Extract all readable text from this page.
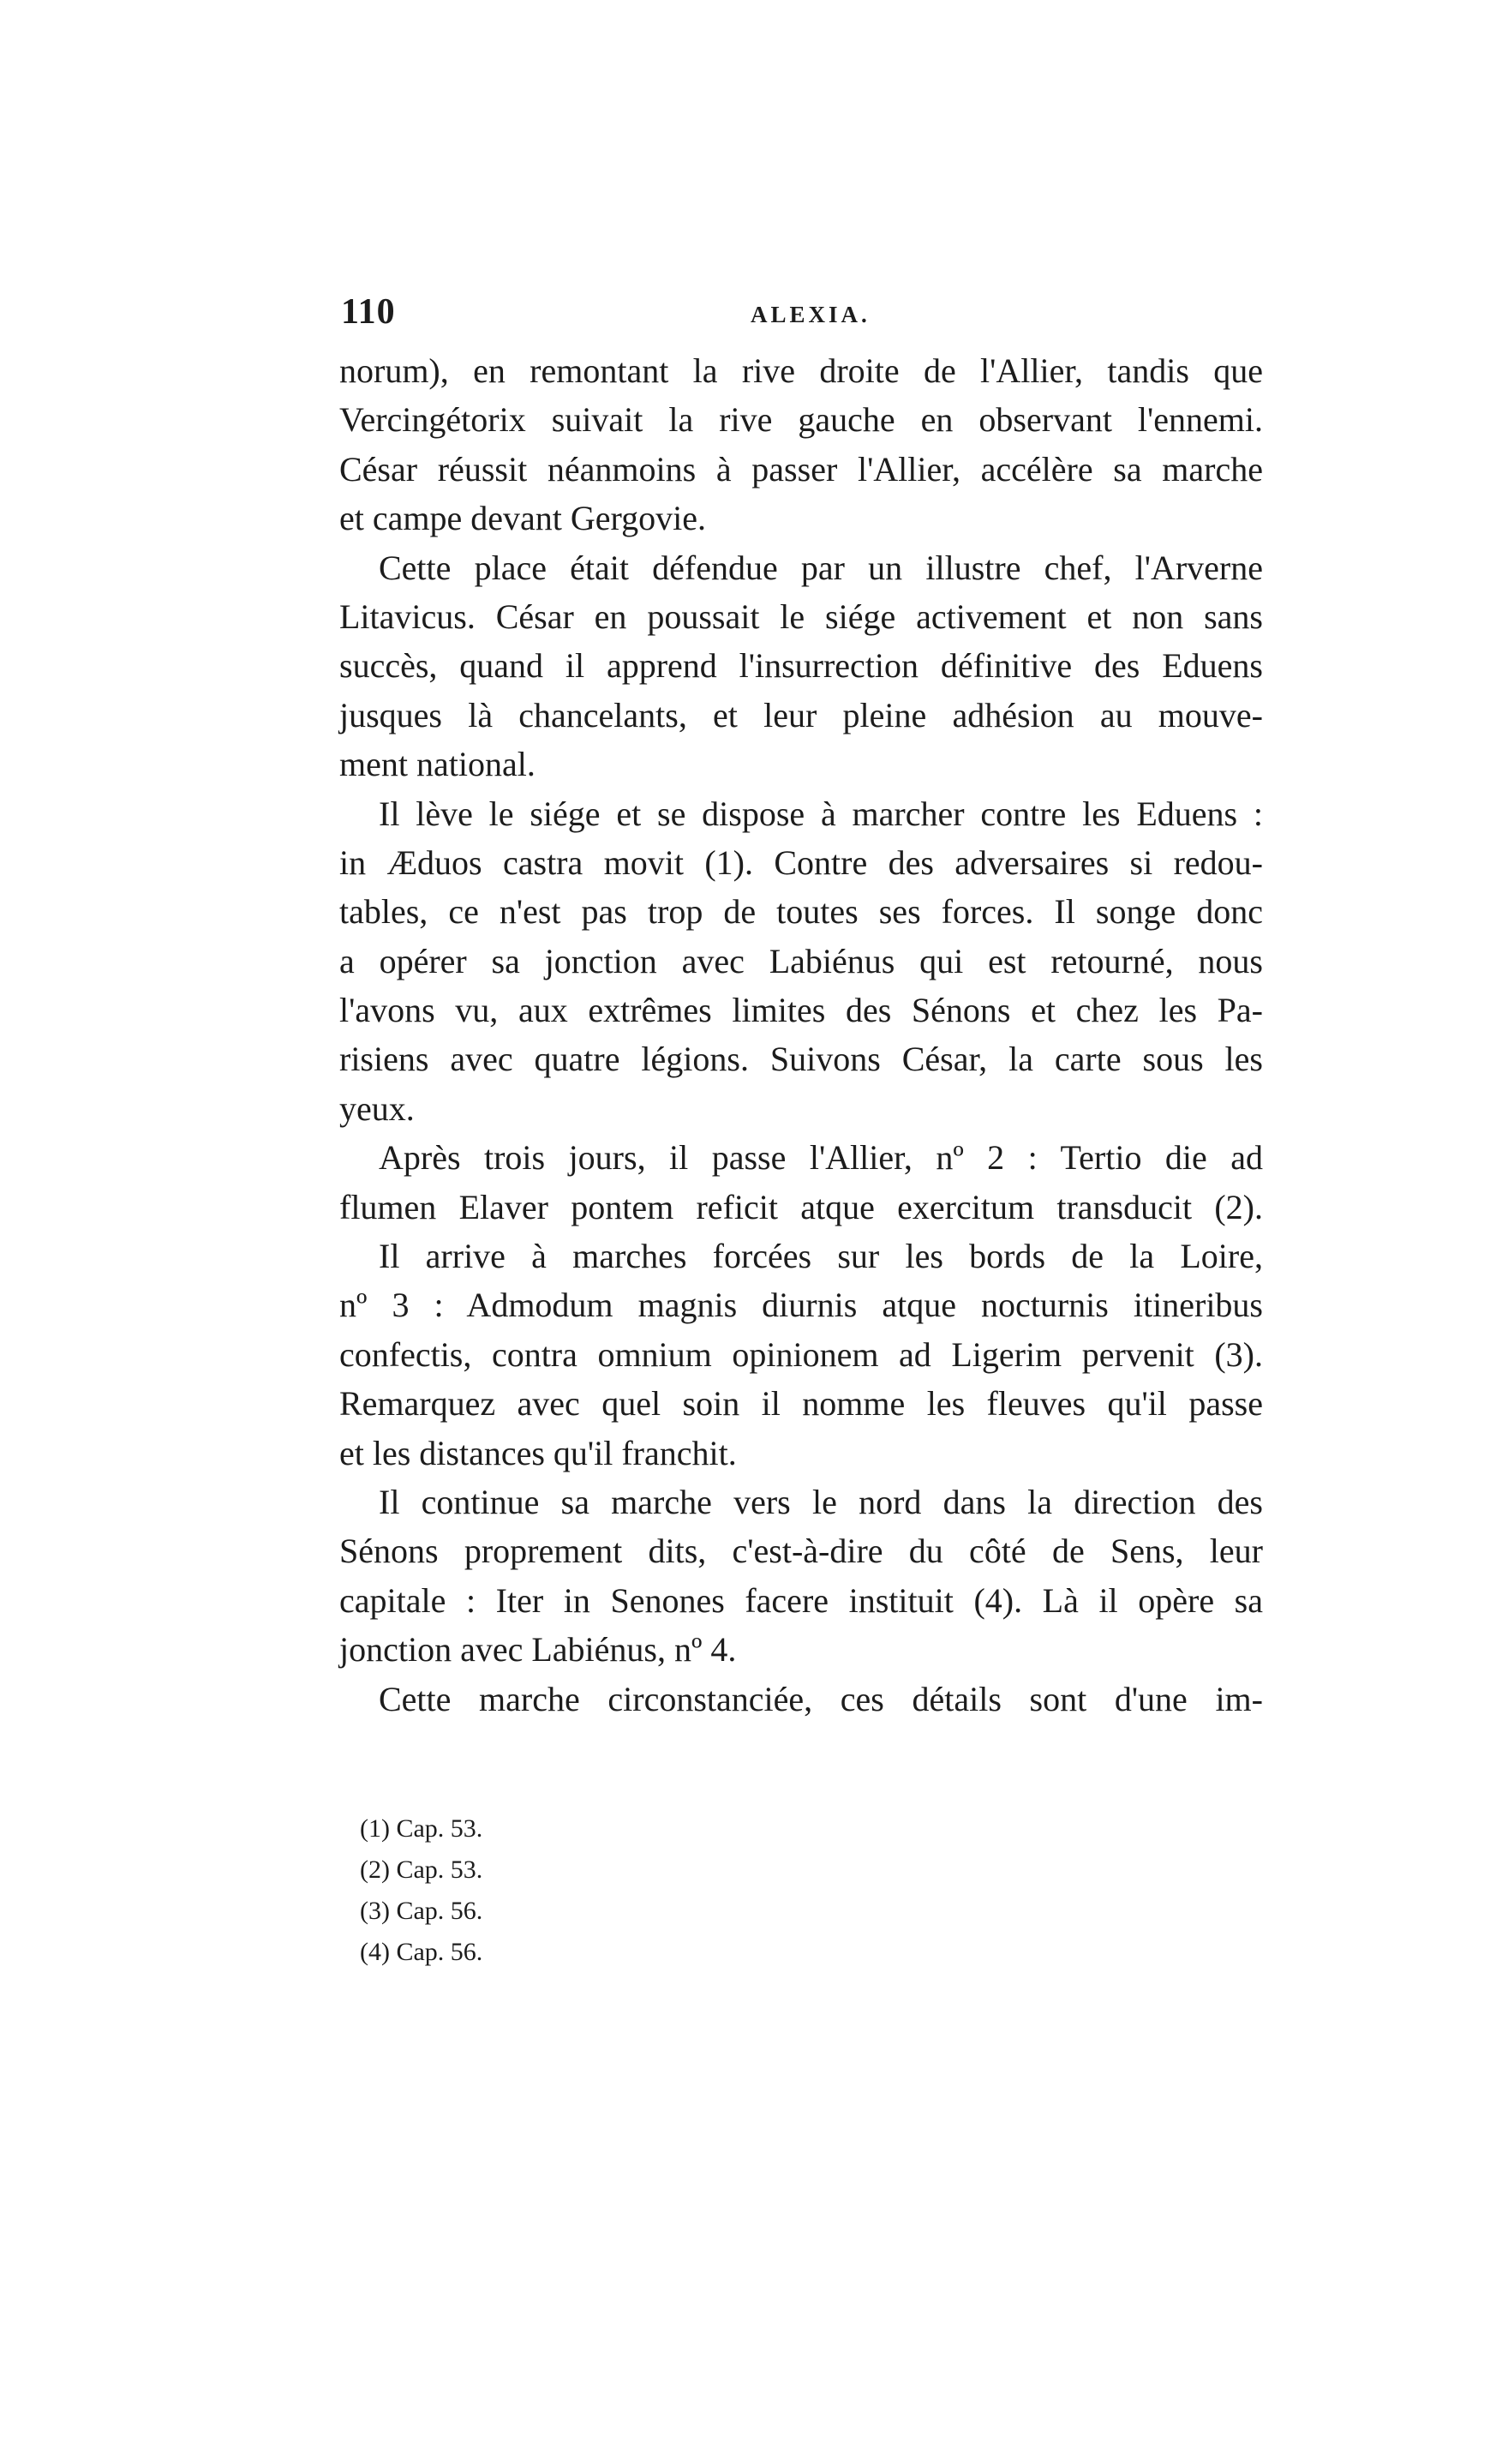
110	ALEXIA.
norum), en remontant la rive droite de l'Allier, tandis que
Vercingétorix suivait la rive gauche en observant l'ennemi.
César réussit néanmoins à passer l'Allier, accélère sa marche
et campe devant Gergovie.
Cette place était défendue par un illustre chef, l'Arverne
Litavicus. César en poussait le siége activement et non sans
succès, quand il apprend l'insurrection définitive des Eduens
jusques là chancelants, et leur pleine adhésion au mouve-
ment national.
Il lève le siége et se dispose à marcher contre les Eduens :
in Æduos castra movit (1). Contre des adversaires si redou-
tables, ce n'est pas trop de toutes ses forces. Il songe donc
a opérer sa jonction avec Labiénus qui est retourné, nous
l'avons vu, aux extrêmes limites des Sénons et chez les Pa-
risiens avec quatre légions. Suivons César, la carte sous les
yeux.
Après trois jours, il passe l'Allier, nº 2 : Tertio die ad
flumen Elaver pontem reficit atque exercitum transducit (2).
Il arrive à marches forcées sur les bords de la Loire,
nº 3 : Admodum magnis diurnis atque nocturnis itineribus
confectis, contra omnium opinionem ad Ligerim pervenit (3).
Remarquez avec quel soin il nomme les fleuves qu'il passe
et les distances qu'il franchit.
Il continue sa marche vers le nord dans la direction des
Sénons proprement dits, c'est-à-dire du côté de Sens, leur
capitale : Iter in Senones facere instituit (4). Là il opère sa
jonction avec Labiénus, nº 4.
Cette marche circonstanciée, ces détails sont d'une im-
(1) Cap. 53.
(2) Cap. 53.
(3) Cap. 56.
(4) Cap. 56.
